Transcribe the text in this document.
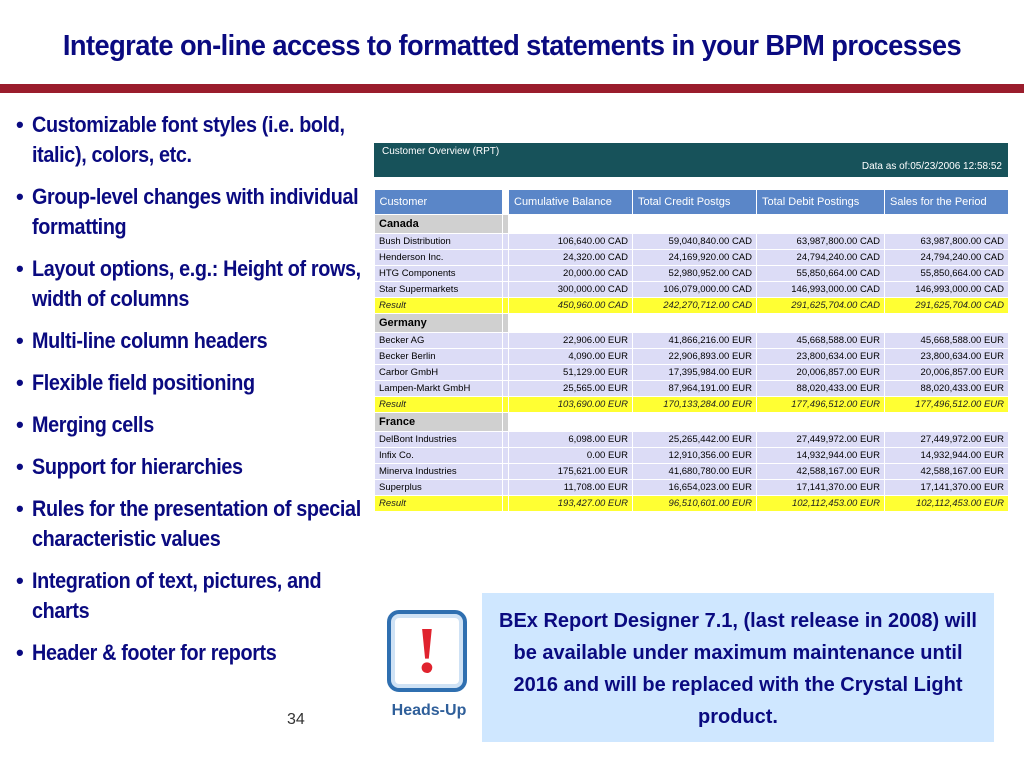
Integrate on-line access to formatted statements in your BPM processes
• Customizable font styles (i.e. bold, italic), colors, etc.
• Group-level changes with individual formatting
• Layout options, e.g.: Height of rows, width of columns
• Multi-line column headers
• Flexible field positioning
• Merging cells
• Support for hierarchies
• Rules for the presentation of special characteristic values
• Integration of text, pictures, and charts
• Header & footer for reports
Customer Overview (RPT)
Data as of:05/23/2006 12:58:52
Customer		Cumulative Balance	Total Credit Postgs	Total Debit Postings	Sales for the Period
Canada					
Bush Distribution		106,640.00 CAD	59,040,840.00 CAD	63,987,800.00 CAD	63,987,800.00 CAD
Henderson Inc.		24,320.00 CAD	24,169,920.00 CAD	24,794,240.00 CAD	24,794,240.00 CAD
HTG Components		20,000.00 CAD	52,980,952.00 CAD	55,850,664.00 CAD	55,850,664.00 CAD
Star Supermarkets		300,000.00 CAD	106,079,000.00 CAD	146,993,000.00 CAD	146,993,000.00 CAD
Result		450,960.00 CAD	242,270,712.00 CAD	291,625,704.00 CAD	291,625,704.00 CAD
Germany					
Becker AG		22,906.00 EUR	41,866,216.00 EUR	45,668,588.00 EUR	45,668,588.00 EUR
Becker Berlin		4,090.00 EUR	22,906,893.00 EUR	23,800,634.00 EUR	23,800,634.00 EUR
Carbor GmbH		51,129.00 EUR	17,395,984.00 EUR	20,006,857.00 EUR	20,006,857.00 EUR
Lampen-Markt GmbH		25,565.00 EUR	87,964,191.00 EUR	88,020,433.00 EUR	88,020,433.00 EUR
Result		103,690.00 EUR	170,133,284.00 EUR	177,496,512.00 EUR	177,496,512.00 EUR
France					
DelBont Industries		6,098.00 EUR	25,265,442.00 EUR	27,449,972.00 EUR	27,449,972.00 EUR
Infix Co.		0.00 EUR	12,910,356.00 EUR	14,932,944.00 EUR	14,932,944.00 EUR
Minerva Industries		175,621.00 EUR	41,680,780.00 EUR	42,588,167.00 EUR	42,588,167.00 EUR
Superplus		11,708.00 EUR	16,654,023.00 EUR	17,141,370.00 EUR	17,141,370.00 EUR
Result		193,427.00 EUR	96,510,601.00 EUR	102,112,453.00 EUR	102,112,453.00 EUR
!
Heads-Up
BEx Report Designer 7.1, (last release in 2008) will be available under maximum maintenance until 2016 and will be replaced with the Crystal Light product.
34
